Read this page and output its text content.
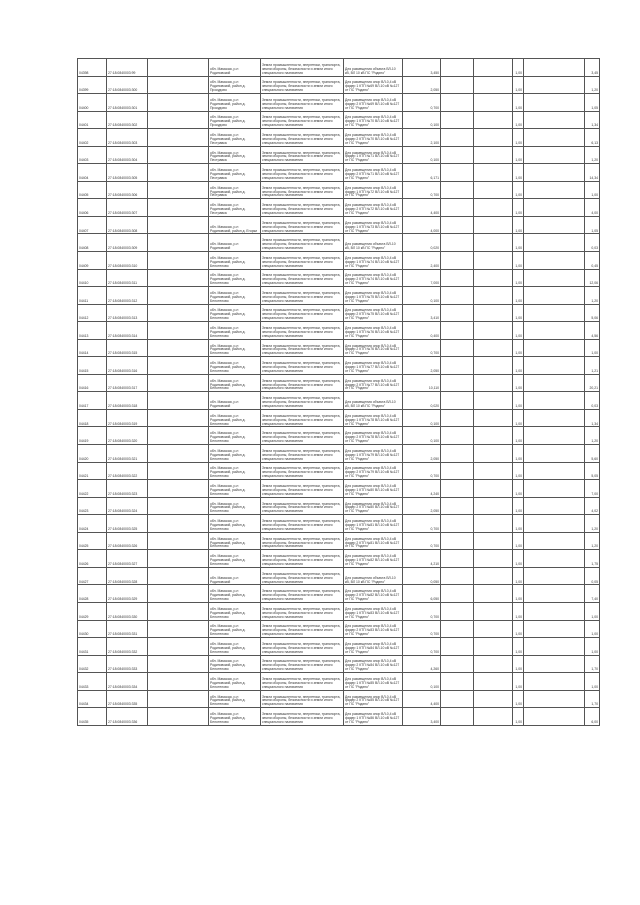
04398	27:18:0840003:99		обл. Мамская, р-н Родиновский	Земли промышленности, энергетики, транспорта, земли обороны, безопасности и земли иного специального назначения	Для размещения объекта ВЛ-10 кВ, ВЛ 10 кВ ПС "Родино"	3,450			1,00		3,45
04399	27:18:0840003:300		обл. Мамская, р-н Родиновский, район д. Прокудово	Земли промышленности, энергетики, транспорта, земли обороны, безопасности и земли иного специального назначения	Для размещения опор ВЛ-0,4 кВ фидер 1 КТП №69 ВЛ-10 кВ №127 от ПС "Родино"	2,050			1,00		1,20
04400	27:18:0840003:301		обл. Мамская, р-н Родиновский, район д. Прокудово	Земли промышленности, энергетики, транспорта, земли обороны, безопасности и земли иного специального назначения	Для размещения опор ВЛ-0,4 кВ фидер 2 КТП №69 ВЛ-10 кВ №127 от ПС "Родино"	0,700			1,00		1,05
04401	27:18:0840003:302		обл. Мамская, р-н Родиновский, район д. Прокудово	Земли промышленности, энергетики, транспорта, земли обороны, безопасности и земли иного специального назначения	Для размещения опор ВЛ-0,4 кВ фидер 1 КТП №70 ВЛ-10 кВ №127 от ПС "Родино"	0,100			1,00		1,34
04402	27:18:0840003:303		обл. Мамская, р-н Родиновский, район д. Пестравка	Земли промышленности, энергетики, транспорта, земли обороны, безопасности и земли иного специального назначения	Для размещения опор ВЛ-0,4 кВ фидер 2 КТП №70 ВЛ-10 кВ №127 от ПС "Родино"	2,100			1,00		6,13
04403	27:18:0840003:304		обл. Мамская, р-н Родиновский, район д. Пестравка	Земли промышленности, энергетики, транспорта, земли обороны, безопасности и земли иного специального назначения	Для размещения опор ВЛ-0,4 кВ фидер 1 КТП №71 ВЛ-10 кВ №127 от ПС "Родино"	0,100			1,00		1,20
04404	27:18:0840003:305		обл. Мамская, р-н Родиновский, район д. Пестравка	Земли промышленности, энергетики, транспорта, земли обороны, безопасности и земли иного специального назначения	Для размещения опор ВЛ-0,4 кВ фидер 2 КТП №71 ВЛ-10 кВ №127 от ПС "Родино"	6,171			1,00		14,34
04405	27:18:0840003:306		обл. Мамская, р-н Родиновский, район д. Пестравка	Земли промышленности, энергетики, транспорта, земли обороны, безопасности и земли иного специального назначения	Для размещения опор ВЛ-0,4 кВ фидер 1 КТП №72 ВЛ-10 кВ №127 от ПС "Родино"	0,700			1,00		1,00
04406	27:18:0840003:307		обл. Мамская, р-н Родиновский, район д. Пестравка	Земли промышленности, энергетики, транспорта, земли обороны, безопасности и земли иного специального назначения	Для размещения опор ВЛ-0,4 кВ фидер 2 КТП №72 ВЛ-10 кВ №127 от ПС "Родино"	4,400			1,00		4,00
04407	27:18:0840003:308		обл. Мамская, р-н Родиновский, район д. Егорки	Земли промышленности, энергетики, транспорта, земли обороны, безопасности и земли иного специального назначения	Для размещения опор ВЛ-0,4 кВ фидер 1 КТП №73 ВЛ-10 кВ №127 от ПС "Родино"	4,000			1,00		1,05
04408	27:18:0840003:309		обл. Мамская, р-н Родиновский	Земли промышленности, энергетики, транспорта, земли обороны, безопасности и земли иного специального назначения	Для размещения объекта ВЛ-10 кВ, ВЛ 10 кВ ПС "Родино"	0,020			1,00		0,03
04409	27:18:0840003:310		обл. Мамская, р-н Родиновский, район д. Белотелово	Земли промышленности, энергетики, транспорта, земли обороны, безопасности и земли иного специального назначения	Для размещения опор ВЛ-0,4 кВ фидер 1 КТП №74 ВЛ-10 кВ №127 от ПС "Родино"	2,400			1,00		0,45
04410	27:18:0840003:311		обл. Мамская, р-н Родиновский, район д. Белотелово	Земли промышленности, энергетики, транспорта, земли обороны, безопасности и земли иного специального назначения	Для размещения опор ВЛ-0,4 кВ фидер 2 КТП №74 ВЛ-10 кВ №127 от ПС "Родино"	7,000			1,00		12,06
04411	27:18:0840003:312		обл. Мамская, р-н Родиновский, район д. Белотелово	Земли промышленности, энергетики, транспорта, земли обороны, безопасности и земли иного специального назначения	Для размещения опор ВЛ-0,4 кВ фидер 1 КТП №75 ВЛ-10 кВ №127 от ПС "Родино"	0,100			1,00		1,20
04412	27:18:0840003:313		обл. Мамская, р-н Родиновский, район д. Белотелово	Земли промышленности, энергетики, транспорта, земли обороны, безопасности и земли иного специального назначения	Для размещения опор ВЛ-0,4 кВ фидер 2 КТП №75 ВЛ-10 кВ №127 от ПС "Родино"	3,410			1,00		5,06
04413	27:18:0840003:314		обл. Мамская, р-н Родиновский, район д. Белотелово	Земли промышленности, энергетики, транспорта, земли обороны, безопасности и земли иного специального назначения	Для размещения опор ВЛ-0,4 кВ фидер 1 КТП №76 ВЛ-10 кВ №127 от ПС "Родино"	0,400			1,00		4,56
04414	27:18:0840003:315		обл. Мамская, р-н Родиновский, район д. Белотелово	Земли промышленности, энергетики, транспорта, земли обороны, безопасности и земли иного специального назначения	Для размещения опор ВЛ-0,4 кВ фидер 2 КТП №76 ВЛ-10 кВ №127 от ПС "Родино"	0,700			1,00		1,00
04415	27:18:0840003:316		обл. Мамская, р-н Родиновский, район д. Белотелово	Земли промышленности, энергетики, транспорта, земли обороны, безопасности и земли иного специального назначения	Для размещения опор ВЛ-0,4 кВ фидер 1 КТП №77 ВЛ-10 кВ №127 от ПС "Родино"	2,050			1,00		1,21
04416	27:18:0840003:317		обл. Мамская, р-н Родиновский, район д. Белотелово	Земли промышленности, энергетики, транспорта, земли обороны, безопасности и земли иного специального назначения	Для размещения опор ВЛ-0,4 кВ фидер 2 КТП №77 ВЛ-10 кВ №127 от ПС "Родино"	10,110			1,00		20,21
04417	27:18:0840003:318		обл. Мамская, р-н Родиновский	Земли промышленности, энергетики, транспорта, земли обороны, безопасности и земли иного специального назначения	Для размещения объекта ВЛ-10 кВ, ВЛ 10 кВ ПС "Родино"	0,020			1,00		0,03
04418	27:18:0840003:319		обл. Мамская, р-н Родиновский, район д. Белотелово	Земли промышленности, энергетики, транспорта, земли обороны, безопасности и земли иного специального назначения	Для размещения опор ВЛ-0,4 кВ фидер 1 КТП №78 ВЛ-10 кВ №127 от ПС "Родино"	0,100			1,00		1,34
04419	27:18:0840003:320		обл. Мамская, р-н Родиновский, район д. Белотелово	Земли промышленности, энергетики, транспорта, земли обороны, безопасности и земли иного специального назначения	Для размещения опор ВЛ-0,4 кВ фидер 2 КТП №78 ВЛ-10 кВ №127 от ПС "Родино"	0,100			1,00		1,20
04420	27:18:0840003:321		обл. Мамская, р-н Родиновский, район д. Белотелово	Земли промышленности, энергетики, транспорта, земли обороны, безопасности и земли иного специального назначения	Для размещения опор ВЛ-0,4 кВ фидер 1 КТП №79 ВЛ-10 кВ №127 от ПС "Родино"	2,050			1,00		5,60
04421	27:18:0840003:322		обл. Мамская, р-н Родиновский, район д. Белотелово	Земли промышленности, энергетики, транспорта, земли обороны, безопасности и земли иного специального назначения	Для размещения опор ВЛ-0,4 кВ фидер 2 КТП №79 ВЛ-10 кВ №127 от ПС "Родино"	0,700			1,00		5,05
04422	27:18:0840003:323		обл. Мамская, р-н Родиновский, район д. Белотелово	Земли промышленности, энергетики, транспорта, земли обороны, безопасности и земли иного специального назначения	Для размещения опор ВЛ-0,4 кВ фидер 1 КТП №80 ВЛ-10 кВ №127 от ПС "Родино"	4,240			1,00		7,00
04423	27:18:0840003:324		обл. Мамская, р-н Родиновский, район д. Белотелово	Земли промышленности, энергетики, транспорта, земли обороны, безопасности и земли иного специального назначения	Для размещения опор ВЛ-0,4 кВ фидер 2 КТП №80 ВЛ-10 кВ №127 от ПС "Родино"	2,050			1,00		4,02
04424	27:18:0840003:325		обл. Мамская, р-н Родиновский, район д. Белотелово	Земли промышленности, энергетики, транспорта, земли обороны, безопасности и земли иного специального назначения	Для размещения опор ВЛ-0,4 кВ фидер 1 КТП №81 ВЛ-10 кВ №127 от ПС "Родино"	0,700			1,00		1,20
04425	27:18:0840003:326		обл. Мамская, р-н Родиновский, район д. Белотелово	Земли промышленности, энергетики, транспорта, земли обороны, безопасности и земли иного специального назначения	Для размещения опор ВЛ-0,4 кВ фидер 2 КТП №81 ВЛ-10 кВ №127 от ПС "Родино"	0,700			1,00		1,20
04426	27:18:0840003:327		обл. Мамская, р-н Родиновский, район д. Белотелово	Земли промышленности, энергетики, транспорта, земли обороны, безопасности и земли иного специального назначения	Для размещения опор ВЛ-0,4 кВ фидер 1 КТП №82 ВЛ-10 кВ №127 от ПС "Родино"	4,210			1,00		1,75
04427	27:18:0840003:328		обл. Мамская, р-н Родиновский	Земли промышленности, энергетики, транспорта, земли обороны, безопасности и земли иного специального назначения	Для размещения объекта ВЛ-10 кВ, ВЛ 10 кВ ПС "Родино"	0,050			1,00		0,05
04428	27:18:0840003:329		обл. Мамская, р-н Родиновский, район д. Белотелово	Земли промышленности, энергетики, транспорта, земли обороны, безопасности и земли иного специального назначения	Для размещения опор ВЛ-0,4 кВ фидер 2 КТП №82 ВЛ-10 кВ №127 от ПС "Родино"	6,050			1,00		7,40
04429	27:18:0840003:330		обл. Мамская, р-н Родиновский, район д. Белотелово	Земли промышленности, энергетики, транспорта, земли обороны, безопасности и земли иного специального назначения	Для размещения опор ВЛ-0,4 кВ фидер 1 КТП №83 ВЛ-10 кВ №127 от ПС "Родино"	0,700			1,00		1,00
04430	27:18:0840003:331		обл. Мамская, р-н Родиновский, район д. Белотелово	Земли промышленности, энергетики, транспорта, земли обороны, безопасности и земли иного специального назначения	Для размещения опор ВЛ-0,4 кВ фидер 2 КТП №83 ВЛ-10 кВ №127 от ПС "Родино"	0,700			1,00		1,00
04431	27:18:0840003:332		обл. Мамская, р-н Родиновский, район д. Белотелово	Земли промышленности, энергетики, транспорта, земли обороны, безопасности и земли иного специального назначения	Для размещения опор ВЛ-0,4 кВ фидер 1 КТП №84 ВЛ-10 кВ №127 от ПС "Родино"	0,700			1,00		1,00
04432	27:18:0840003:333		обл. Мамская, р-н Родиновский, район д. Белотелово	Земли промышленности, энергетики, транспорта, земли обороны, безопасности и земли иного специального назначения	Для размещения опор ВЛ-0,4 кВ фидер 2 КТП №84 ВЛ-10 кВ №127 от ПС "Родино"	4,260			1,00		1,70
04433	27:18:0840003:334		обл. Мамская, р-н Родиновский, район д. Белотелово	Земли промышленности, энергетики, транспорта, земли обороны, безопасности и земли иного специального назначения	Для размещения опор ВЛ-0,4 кВ фидер 1 КТП №85 ВЛ-10 кВ №127 от ПС "Родино"	0,100			1,00		1,00
04434	27:18:0840003:335		обл. Мамская, р-н Родиновский, район д. Белотелово	Земли промышленности, энергетики, транспорта, земли обороны, безопасности и земли иного специального назначения	Для размещения опор ВЛ-0,4 кВ фидер 2 КТП №85 ВЛ-10 кВ №127 от ПС "Родино"	4,400			1,00		1,70
04435	27:18:0840003:336		обл. Мамская, р-н Родиновский, район д. Белотелово	Земли промышленности, энергетики, транспорта, земли обороны, безопасности и земли иного специального назначения	Для размещения опор ВЛ-0,4 кВ фидер 1 КТП №86 ВЛ-10 кВ №127 от ПС "Родино"	3,400			1,00		6,00
